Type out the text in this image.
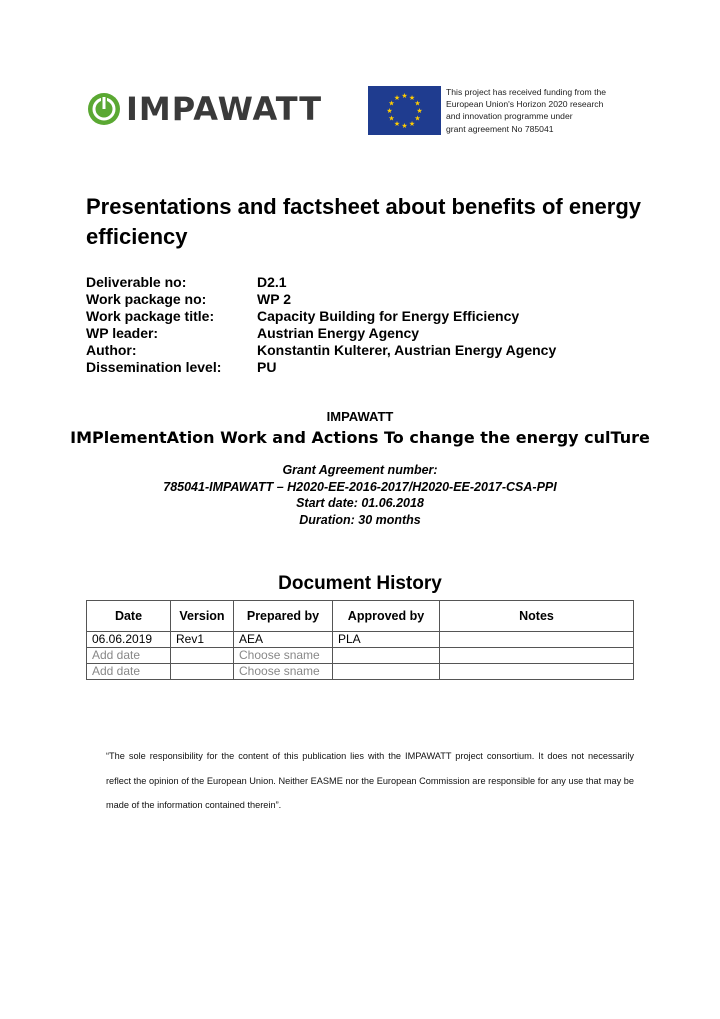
IMPAWATT	★ ★
★
★
★
★
★
★
★
★
★
★
This project has received funding from the
European Union's Horizon 2020 research
and innovation programme under
grant agreement No 785041
Presentations and factsheet about benefits of energy efficiency
Deliverable no:	D2.1
Work package no:	WP 2
Work package title:	Capacity Building for Energy Efficiency
WP leader:	Austrian Energy Agency
Author:	Konstantin Kulterer, Austrian Energy Agency
Dissemination level:	PU
IMPAWATT
IMPlementAtion Work and Actions To change the energy culTure
Grant Agreement number:
785041-IMPAWATT – H2020-EE-2016-2017/H2020-EE-2017-CSA-PPI
Start date: 01.06.2018
Duration: 30 months
Document History
Date	Version	Prepared by	Approved by	Notes
06.06.2019	Rev1	AEA	PLA	
Add date		Choose sname		
Add date		Choose sname		
“The sole responsibility for the content of this publication lies with the IMPAWATT project consortium. It does not necessarily reflect the opinion of the European Union. Neither EASME nor the European Commission are responsible for any use that may be made of the information contained therein”.
